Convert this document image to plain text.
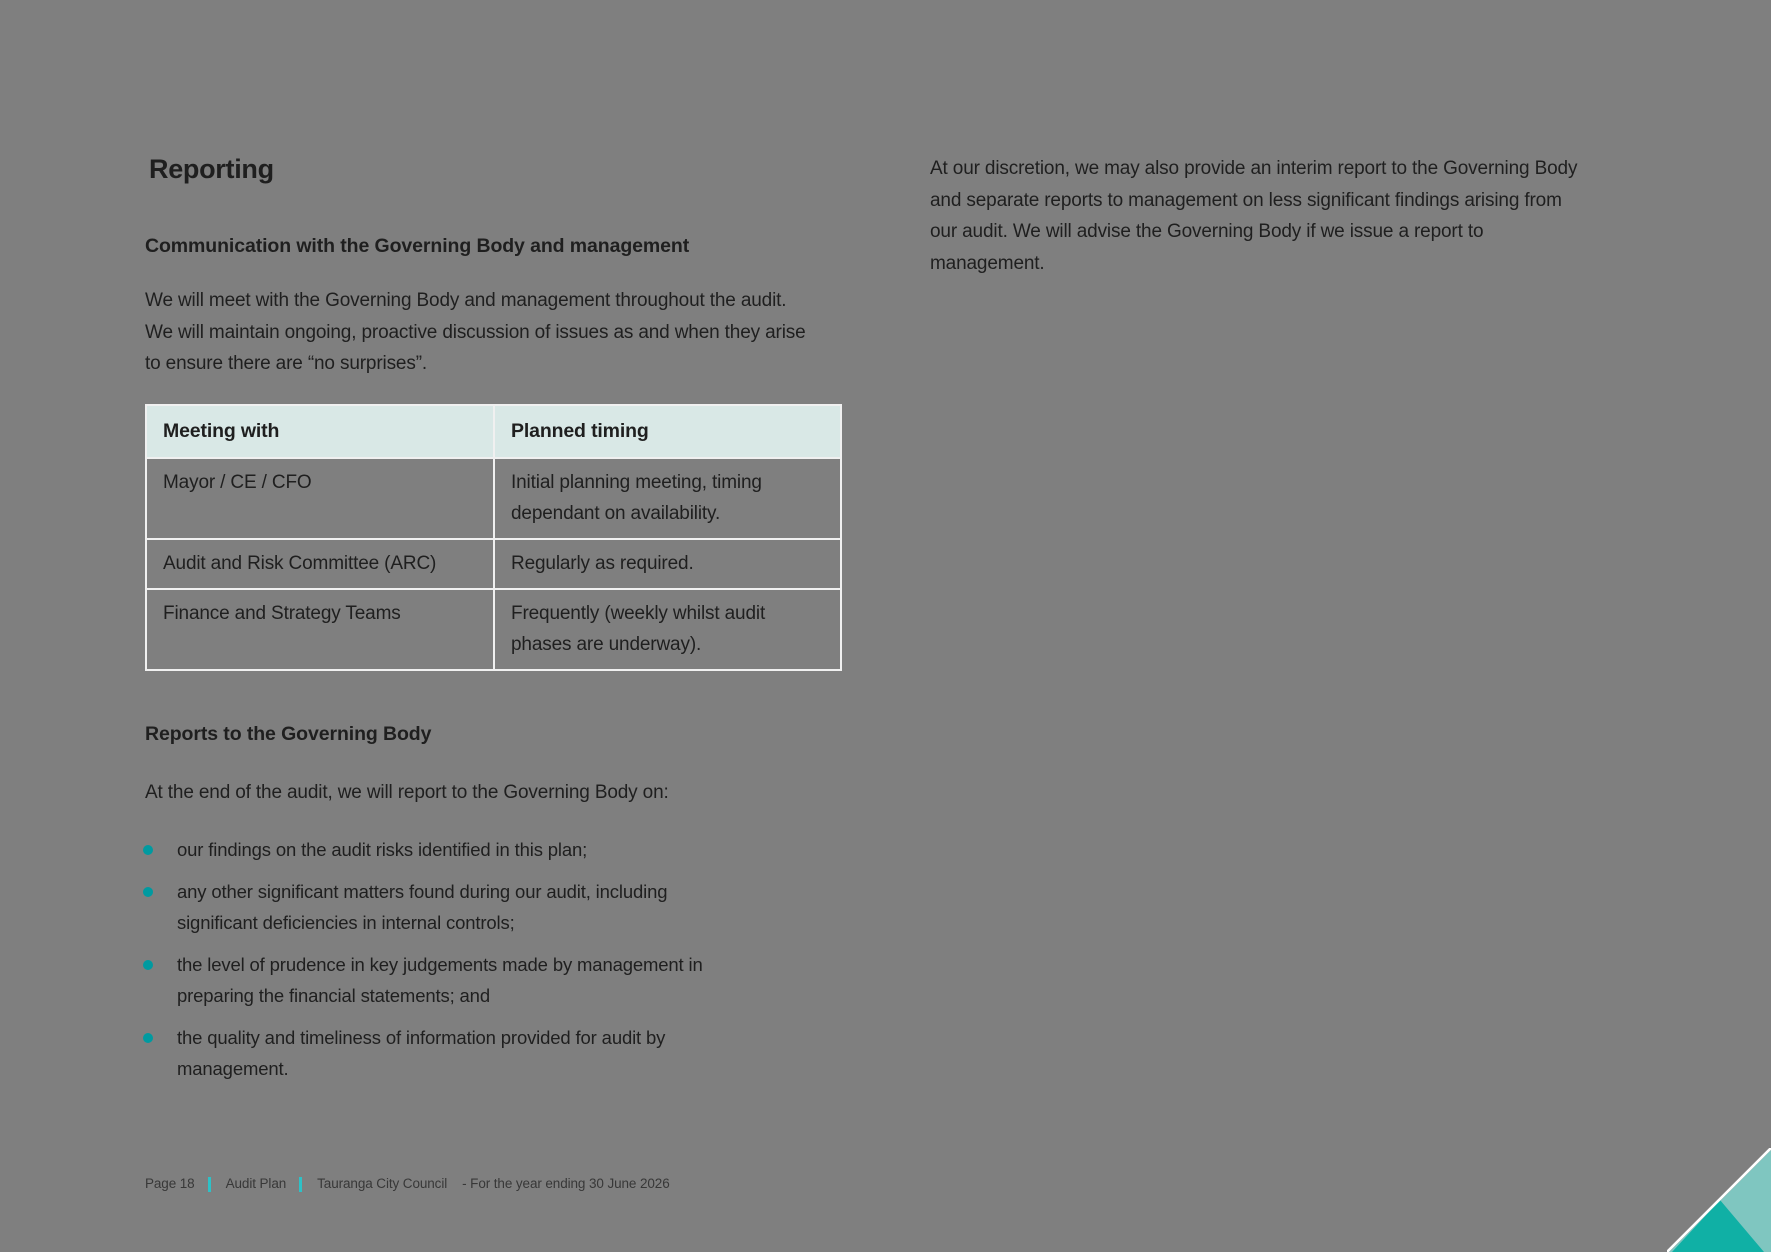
Reporting
Communication with the Governing Body and management

We will meet with the Governing Body and management throughout the audit. We will maintain ongoing, proactive discussion of issues as and when they arise to ensure there are “no surprises”.

Meeting with	Planned timing
Mayor / CE / CFO	Initial planning meeting, timing dependant on availability.
Audit and Risk Committee (ARC)	Regularly as required.
Finance and Strategy Teams	Frequently (weekly whilst audit phases are underway).
Reports to the Governing Body

At the end of the audit, we will report to the Governing Body on:

our findings on the audit risks identified in this plan;
any other significant matters found during our audit, including significant deficiencies in internal controls;
the level of prudence in key judgements made by management in preparing the financial statements; and
the quality and timeliness of information provided for audit by management.

At our discretion, we may also provide an interim report to the Governing Body and separate reports to management on less significant findings arising from our audit. We will advise the Governing Body if we issue a report to management.

Page 18 Audit Plan Tauranga City Council - For the year ending 30 June 2026
